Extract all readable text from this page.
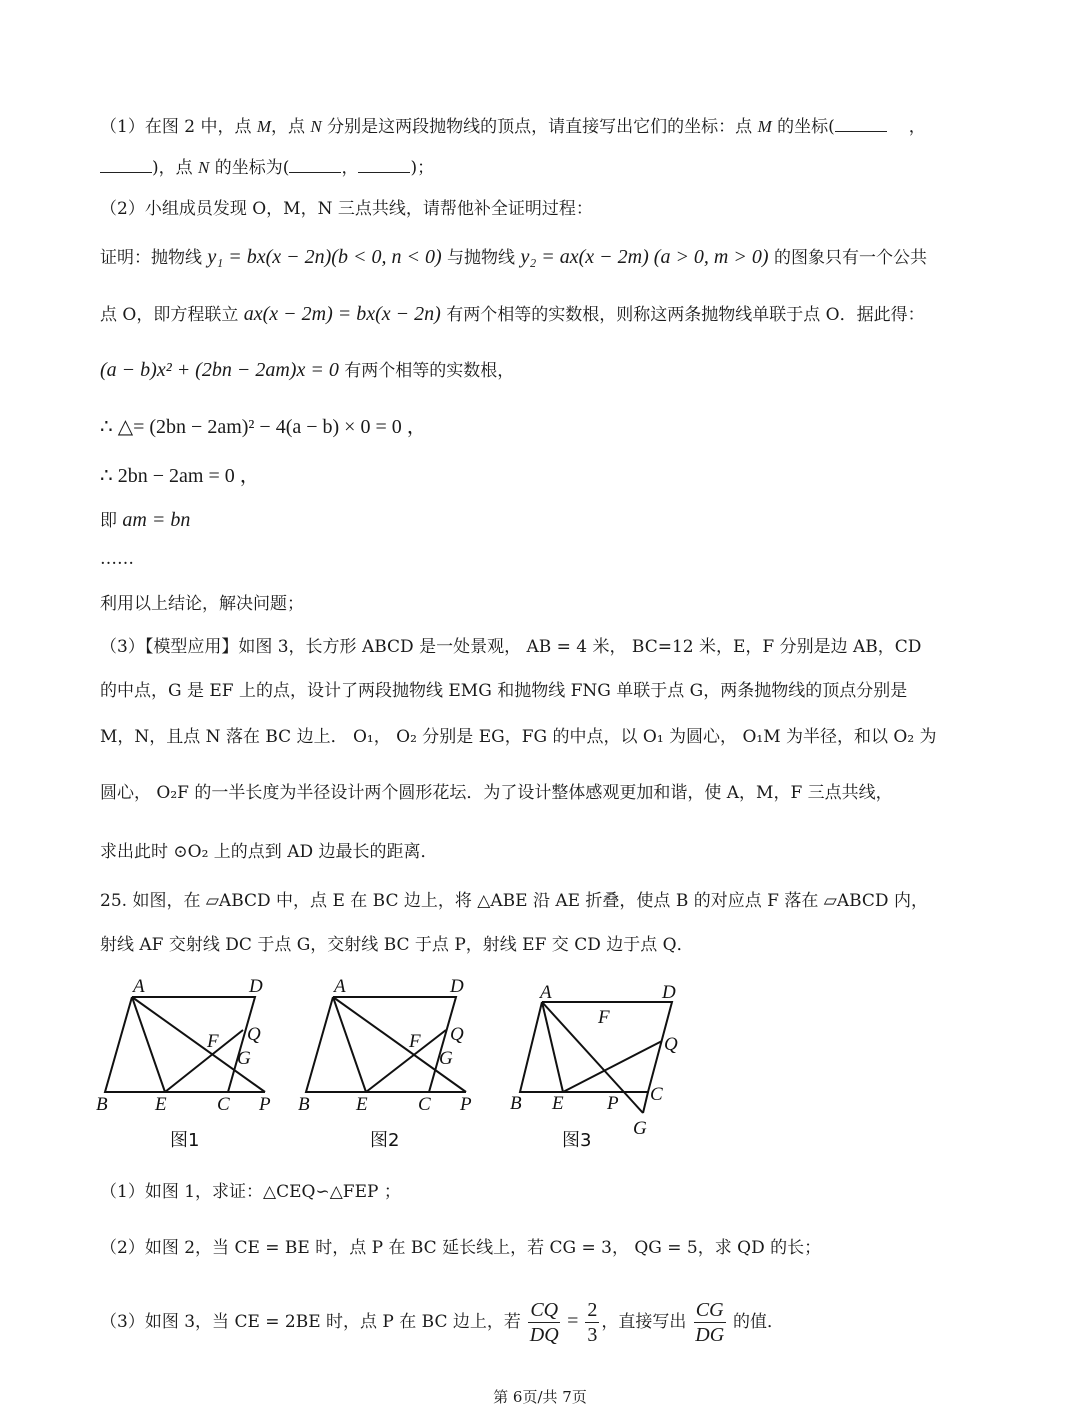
（1）在图 2 中，点 M，点 N 分别是这两段抛物线的顶点，请直接写出它们的坐标：点 M 的坐标(	，
)，点 N 的坐标为(	，	)；
（2）小组成员发现 O，M，N 三点共线，请帮他补全证明过程：
证明：抛物线 y₁ = bx(x − 2n)(b < 0, n < 0) 与抛物线 y₂ = ax(x − 2m) (a > 0, m > 0) 的图象只有一个公共
点 O，即方程联立 ax(x − 2m) = bx(x − 2n) 有两个相等的实数根，则称这两条抛物线单联于点 O．据此得：
(a − b)x² + (2bn − 2am)x = 0 有两个相等的实数根，
∴ △= (2bn − 2am)² − 4(a − b) × 0 = 0 ，
∴ 2bn − 2am = 0 ，
即 am = bn
……
利用以上结论，解决问题；
（3）【模型应用】如图 3，长方形 ABCD 是一处景观， AB = 4 米， BC=12 米，E，F 分别是边 AB，CD
的中点，G 是 EF 上的点，设计了两段抛物线 EMG 和抛物线 FNG 单联于点 G，两条抛物线的顶点分别是
M，N，且点 N 落在 BC 边上． O₁， O₂ 分别是 EG，FG 的中点，以 O₁ 为圆心， O₁M 为半径，和以 O₂ 为
圆心， O₂F 的一半长度为半径设计两个圆形花坛．为了设计整体感观更加和谐，使 A，M，F 三点共线，
求出此时 ⊙O₂ 上的点到 AD 边最长的距离．
25. 如图，在 ▱ABCD 中，点 E 在 BC 边上，将 △ABE 沿 AE 折叠，使点 B 的对应点 F 落在 ▱ABCD 内，
射线 AF 交射线 DC 于点 G，交射线 BC 于点 P，射线 EF 交 CD 边于点 Q．
A	D
B E	C P
Q
F
G
图1
A	D
B E	C P
Q
F
G
图2
A	D
B E P C
Q
F
G
图3
（1）如图 1，求证：△CEQ∽△FEP ；
（2）如图 2，当 CE = BE 时，点 P 在 BC 延长线上，若 CG = 3， QG = 5，求 QD 的长；
（3）如图 3，当 CE = 2BE 时，点 P 在 BC 边上，若 $\frac{CQ}{DQ} = \frac{2}{3}$ ，直接写出 $\frac{CG}{DG}$ 的值．
第 6页/共 7页
